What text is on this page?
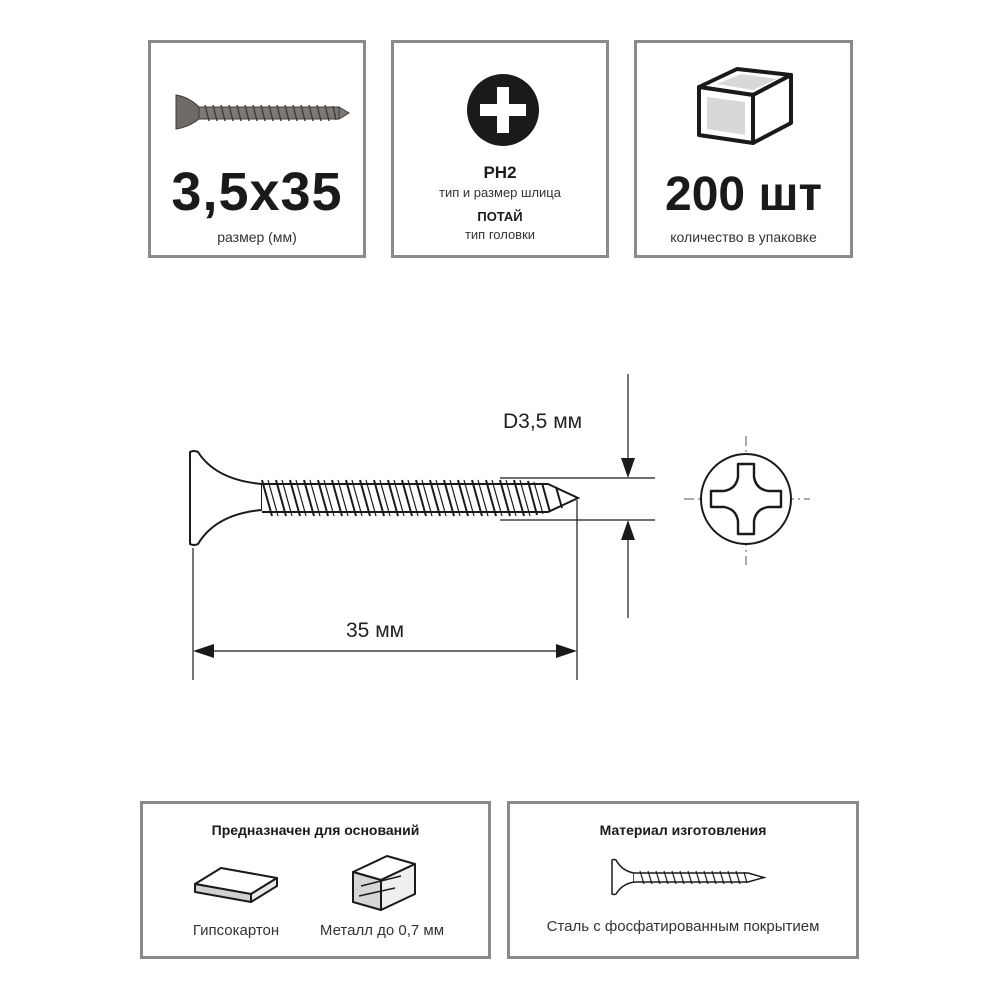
3,5х35
размер (мм)
PH2
тип и размер шлица
ПОТАЙ
тип головки
200 шт
количество в упаковке
D3,5 мм
35 мм
Предназначен для оснований
Гипсокартон	Металл до 0,7 мм
Материал изготовления
Сталь с фосфатированным покрытием
